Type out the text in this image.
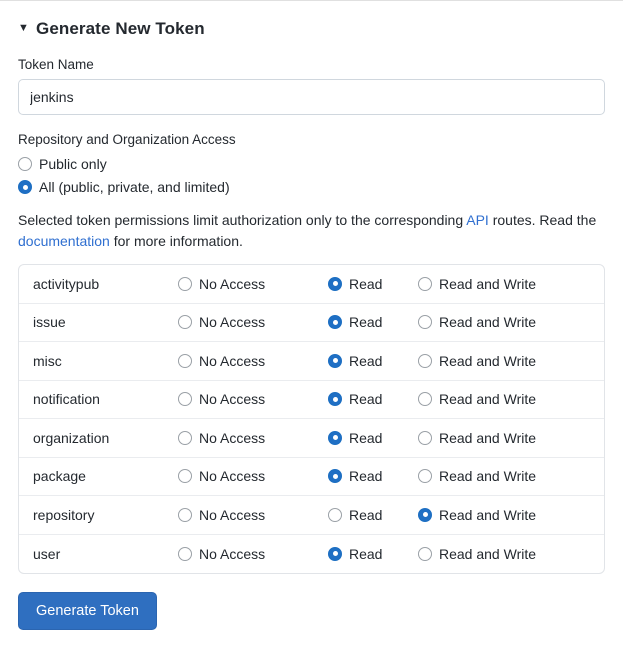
▼ Generate New Token
Token Name
jenkins
Repository and Organization Access
Public only
All (public, private, and limited)
Selected token permissions limit authorization only to the corresponding API routes. Read the documentation for more information.
activitypub	No Access	Read	Read and Write
issue	No Access	Read	Read and Write
misc	No Access	Read	Read and Write
notification	No Access	Read	Read and Write
organization	No Access	Read	Read and Write
package	No Access	Read	Read and Write
repository	No Access	Read	Read and Write
user	No Access	Read	Read and Write
Generate Token
